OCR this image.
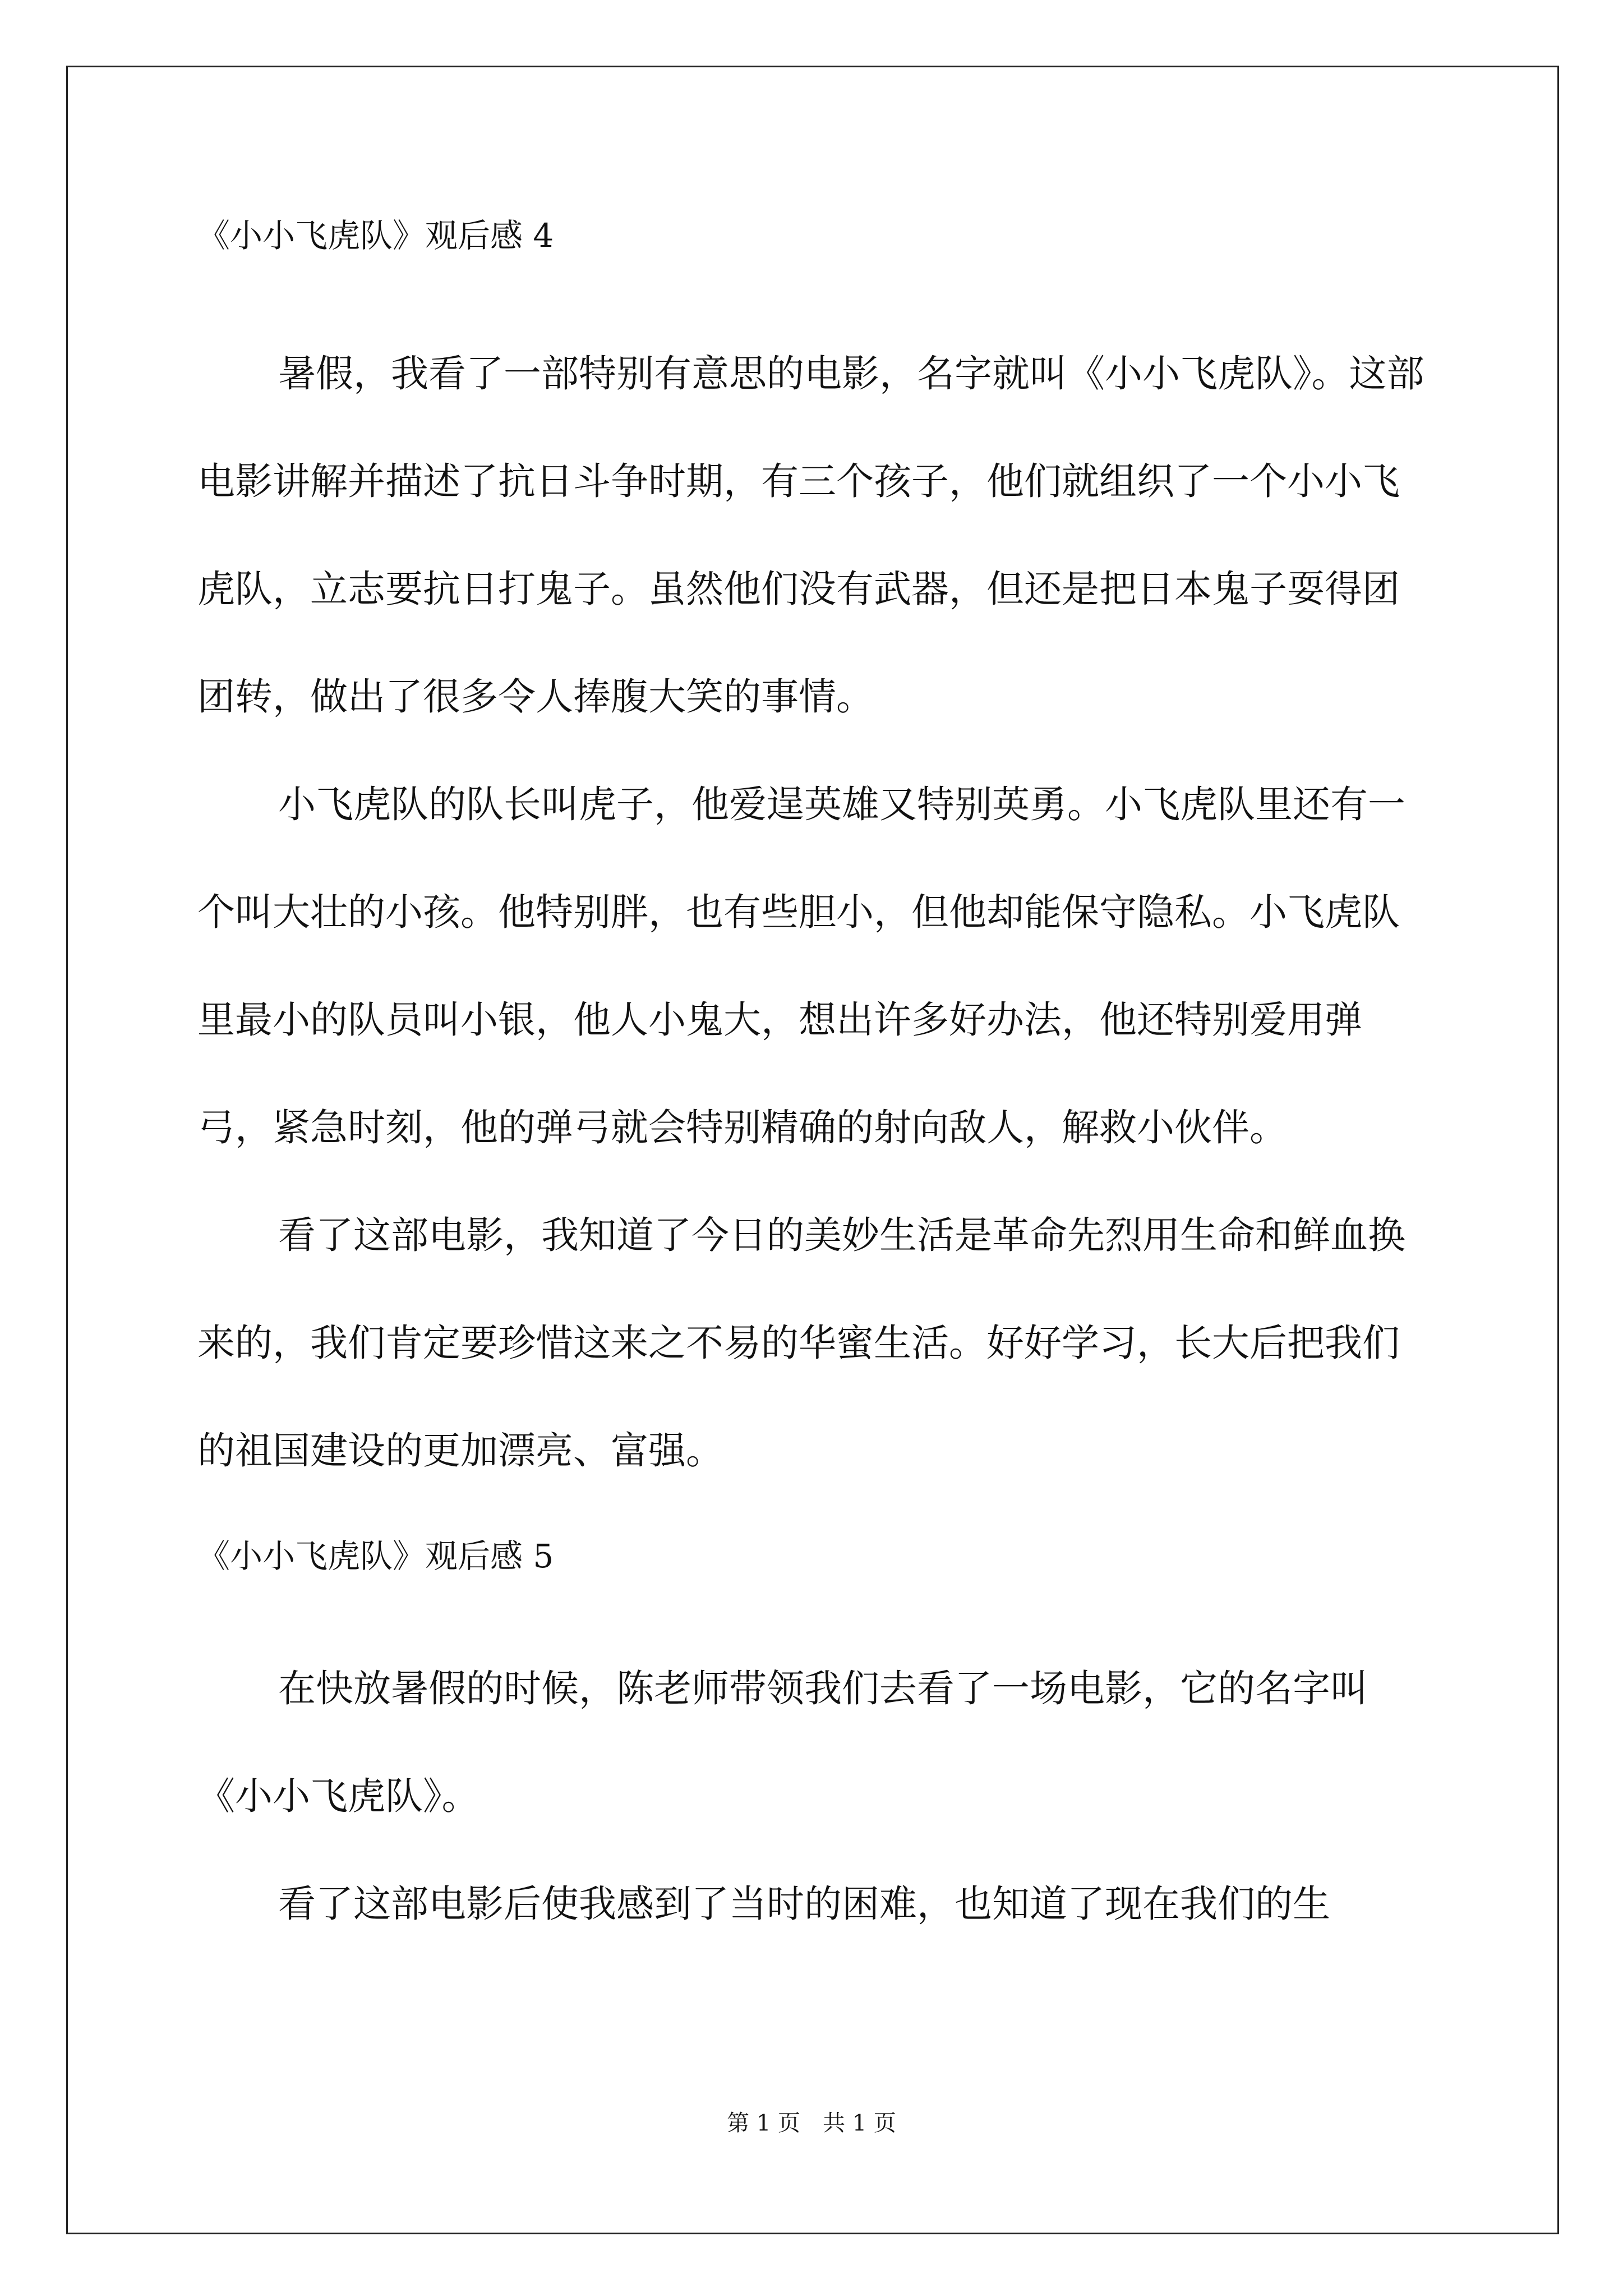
《小小飞虎队》观后感 4

暑假，我看了一部特别有意思的电影，名字就叫《小小飞虎队》。这部电影讲解并描述了抗日斗争时期，有三个孩子，他们就组织了一个小小飞虎队，立志要抗日打鬼子。虽然他们没有武器，但还是把日本鬼子耍得团团转，做出了很多令人捧腹大笑的事情。

小飞虎队的队长叫虎子，他爱逞英雄又特别英勇。小飞虎队里还有一个叫大壮的小孩。他特别胖，也有些胆小，但他却能保守隐私。小飞虎队里最小的队员叫小银，他人小鬼大，想出许多好办法，他还特别爱用弹弓，紧急时刻，他的弹弓就会特别精确的射向敌人，解救小伙伴。

看了这部电影，我知道了今日的美妙生活是革命先烈用生命和鲜血换来的，我们肯定要珍惜这来之不易的华蜜生活。好好学习，长大后把我们的祖国建设的更加漂亮、富强。

《小小飞虎队》观后感 5

在快放暑假的时候，陈老师带领我们去看了一场电影，它的名字叫《小小飞虎队》。

看了这部电影后使我感到了当时的困难，也知道了现在我们的生

第 1 页 共 1 页
